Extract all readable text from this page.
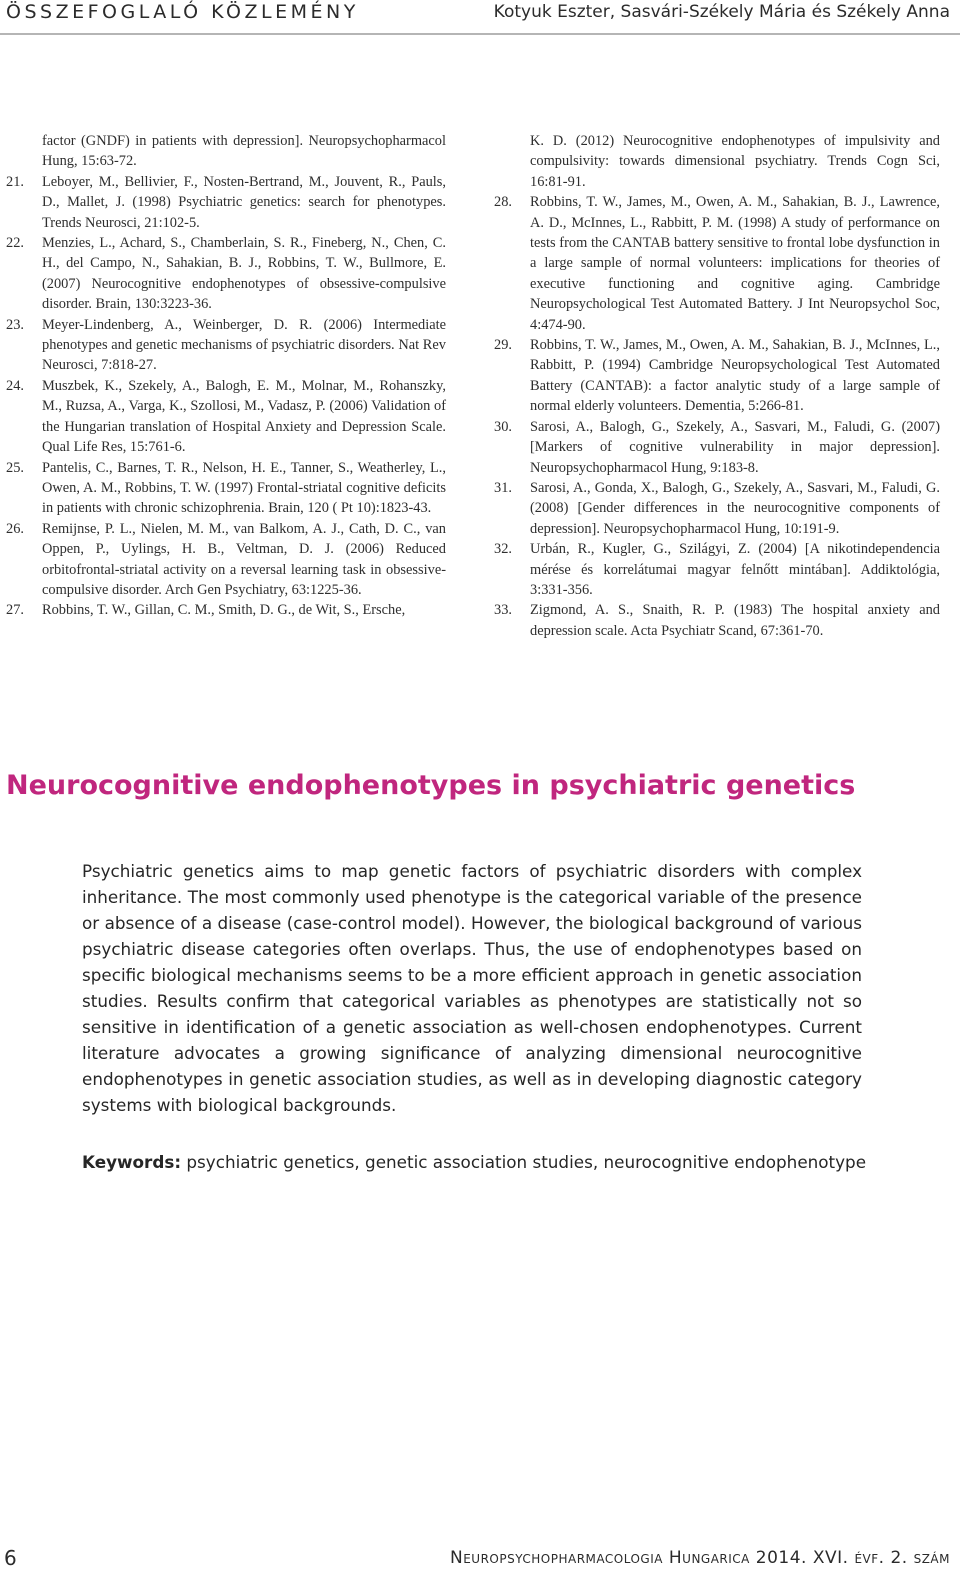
ÖSSZEFOGLALÓ KÖZLEMÉNY	Kotyuk Eszter, Sasvári-Székely Mária és Székely Anna
factor (GNDF) in patients with depression]. Neuropsychopharmacol Hung, 15:63-72.
21. Leboyer, M., Bellivier, F., Nosten-Bertrand, M., Jouvent, R., Pauls, D., Mallet, J. (1998) Psychiatric genetics: search for phenotypes. Trends Neurosci, 21:102-5.
22. Menzies, L., Achard, S., Chamberlain, S. R., Fineberg, N., Chen, C. H., del Campo, N., Sahakian, B. J., Robbins, T. W., Bullmore, E. (2007) Neurocognitive endophenotypes of obsessive-compulsive disorder. Brain, 130:3223-36.
23. Meyer-Lindenberg, A., Weinberger, D. R. (2006) Intermediate phenotypes and genetic mechanisms of psychiatric disorders. Nat Rev Neurosci, 7:818-27.
24. Muszbek, K., Szekely, A., Balogh, E. M., Molnar, M., Rohanszky, M., Ruzsa, A., Varga, K., Szollosi, M., Vadasz, P. (2006) Validation of the Hungarian translation of Hospital Anxiety and Depression Scale. Qual Life Res, 15:761-6.
25. Pantelis, C., Barnes, T. R., Nelson, H. E., Tanner, S., Weatherley, L., Owen, A. M., Robbins, T. W. (1997) Frontal-striatal cognitive deficits in patients with chronic schizophrenia. Brain, 120 ( Pt 10):1823-43.
26. Remijnse, P. L., Nielen, M. M., van Balkom, A. J., Cath, D. C., van Oppen, P., Uylings, H. B., Veltman, D. J. (2006) Reduced orbitofrontal-striatal activity on a reversal learning task in obsessive-compulsive disorder. Arch Gen Psychiatry, 63:1225-36.
27. Robbins, T. W., Gillan, C. M., Smith, D. G., de Wit, S., Ersche,
K. D. (2012) Neurocognitive endophenotypes of impulsivity and compulsivity: towards dimensional psychiatry. Trends Cogn Sci, 16:81-91.
28. Robbins, T. W., James, M., Owen, A. M., Sahakian, B. J., Lawrence, A. D., McInnes, L., Rabbitt, P. M. (1998) A study of performance on tests from the CANTAB battery sensitive to frontal lobe dysfunction in a large sample of normal volunteers: implications for theories of executive functioning and cognitive aging. Cambridge Neuropsychological Test Automated Battery. J Int Neuropsychol Soc, 4:474-90.
29. Robbins, T. W., James, M., Owen, A. M., Sahakian, B. J., McInnes, L., Rabbitt, P. (1994) Cambridge Neuropsychological Test Automated Battery (CANTAB): a factor analytic study of a large sample of normal elderly volunteers. Dementia, 5:266-81.
30. Sarosi, A., Balogh, G., Szekely, A., Sasvari, M., Faludi, G. (2007) [Markers of cognitive vulnerability in major depression]. Neuropsychopharmacol Hung, 9:183-8.
31. Sarosi, A., Gonda, X., Balogh, G., Szekely, A., Sasvari, M., Faludi, G. (2008) [Gender differences in the neurocognitive components of depression]. Neuropsychopharmacol Hung, 10:191-9.
32. Urbán, R., Kugler, G., Szilágyi, Z. (2004) [A nikotindependencia mérése és korrelátumai magyar felnőtt mintában]. Addiktológia, 3:331-356.
33. Zigmond, A. S., Snaith, R. P. (1983) The hospital anxiety and depression scale. Acta Psychiatr Scand, 67:361-70.
Neurocognitive endophenotypes in psychiatric genetics

Psychiatric genetics aims to map genetic factors of psychiatric disorders with complex inheritance. The most commonly used phenotype is the categorical variable of the presence or absence of a disease (case-control model). However, the biological background of various psychiatric disease categories often overlaps. Thus, the use of endophenotypes based on specific biological mechanisms seems to be a more efficient approach in genetic association studies. Results confirm that categorical variables as phenotypes are statistically not so sensitive in identification of a genetic association as well-chosen endophenotypes. Current literature advocates a growing significance of analyzing dimensional neurocognitive endophenotypes in genetic association studies, as well as in developing diagnostic category systems with biological backgrounds.

Keywords: psychiatric genetics, genetic association studies, neurocognitive endophenotype

6	Neuropsychopharmacologia Hungarica 2014. XVI. évf. 2. szám
